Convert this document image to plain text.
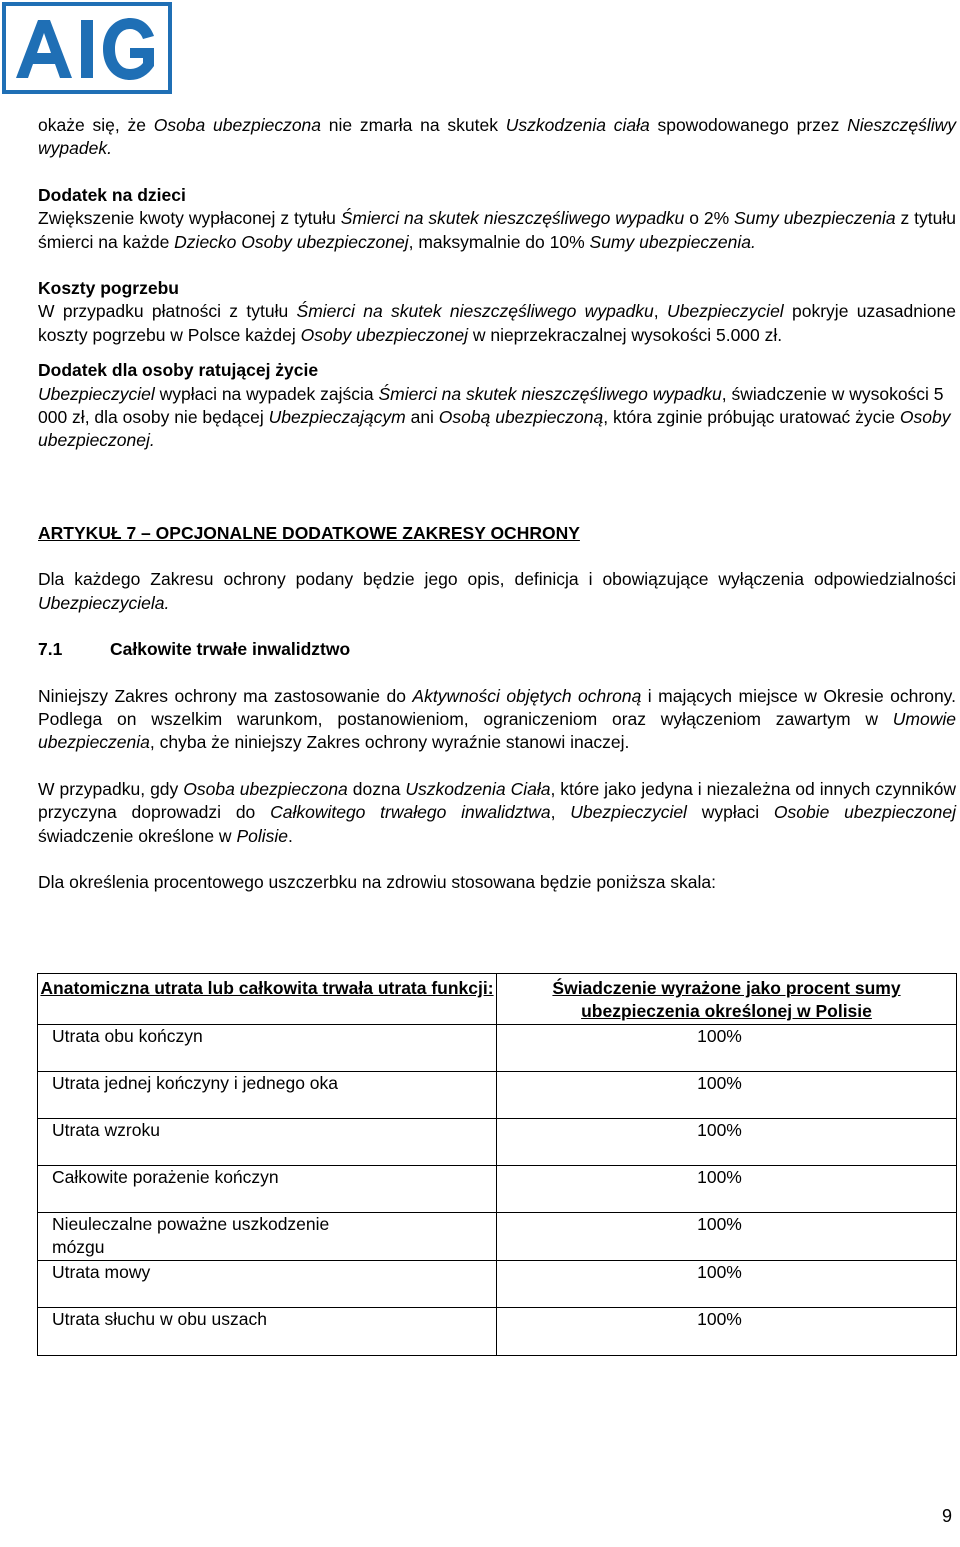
okaże się, że Osoba ubezpieczona nie zmarła na skutek Uszkodzenia ciała spowodowanego przez Nieszczęśliwy wypadek.

Dodatek na dzieci

Zwiększenie kwoty wypłaconej z tytułu Śmierci na skutek nieszczęśliwego wypadku o 2% Sumy ubezpieczenia z tytułu śmierci na każde Dziecko Osoby ubezpieczonej, maksymalnie do 10% Sumy ubezpieczenia.

Koszty pogrzebu

W przypadku płatności z tytułu Śmierci na skutek nieszczęśliwego wypadku, Ubezpieczyciel pokryje uzasadnione koszty pogrzebu w Polsce każdej Osoby ubezpieczonej w nieprzekraczalnej wysokości 5.000 zł.

Dodatek dla osoby ratującej życie

Ubezpieczyciel wypłaci na wypadek zajścia Śmierci na skutek nieszczęśliwego wypadku, świadczenie w wysokości 5 000 zł, dla osoby nie będącej Ubezpieczającym ani Osobą ubezpieczoną, która zginie próbując uratować życie Osoby ubezpieczonej.

ARTYKUŁ 7 – OPCJONALNE DODATKOWE ZAKRESY OCHRONY

Dla każdego Zakresu ochrony podany będzie jego opis, definicja i obowiązujące wyłączenia odpowiedzialności Ubezpieczyciela.

7.1	Całkowite trwałe inwalidztwo

Niniejszy Zakres ochrony ma zastosowanie do Aktywności objętych ochroną i mających miejsce w Okresie ochrony. Podlega on wszelkim warunkom, postanowieniom, ograniczeniom oraz wyłączeniom zawartym w Umowie ubezpieczenia, chyba że niniejszy Zakres ochrony wyraźnie stanowi inaczej.

W przypadku, gdy Osoba ubezpieczona dozna Uszkodzenia Ciała, które jako jedyna i niezależna od innych czynników przyczyna doprowadzi do Całkowitego trwałego inwalidztwa, Ubezpieczyciel wypłaci Osobie ubezpieczonej świadczenie określone w Polisie.

Dla określenia procentowego uszczerbku na zdrowiu stosowana będzie poniższa skala:

Anatomiczna utrata lub całkowita trwała utrata funkcji:	Świadczenie wyrażone jako procent sumy ubezpieczenia określonej w Polisie
Utrata obu kończyn	100%
Utrata jednej kończyny i jednego oka	100%
Utrata wzroku	100%
Całkowite porażenie kończyn	100%

Nieuleczalne poważne uszkodzenie mózgu	100%
Utrata mowy	100%
Utrata słuchu w obu uszach	100%
9
